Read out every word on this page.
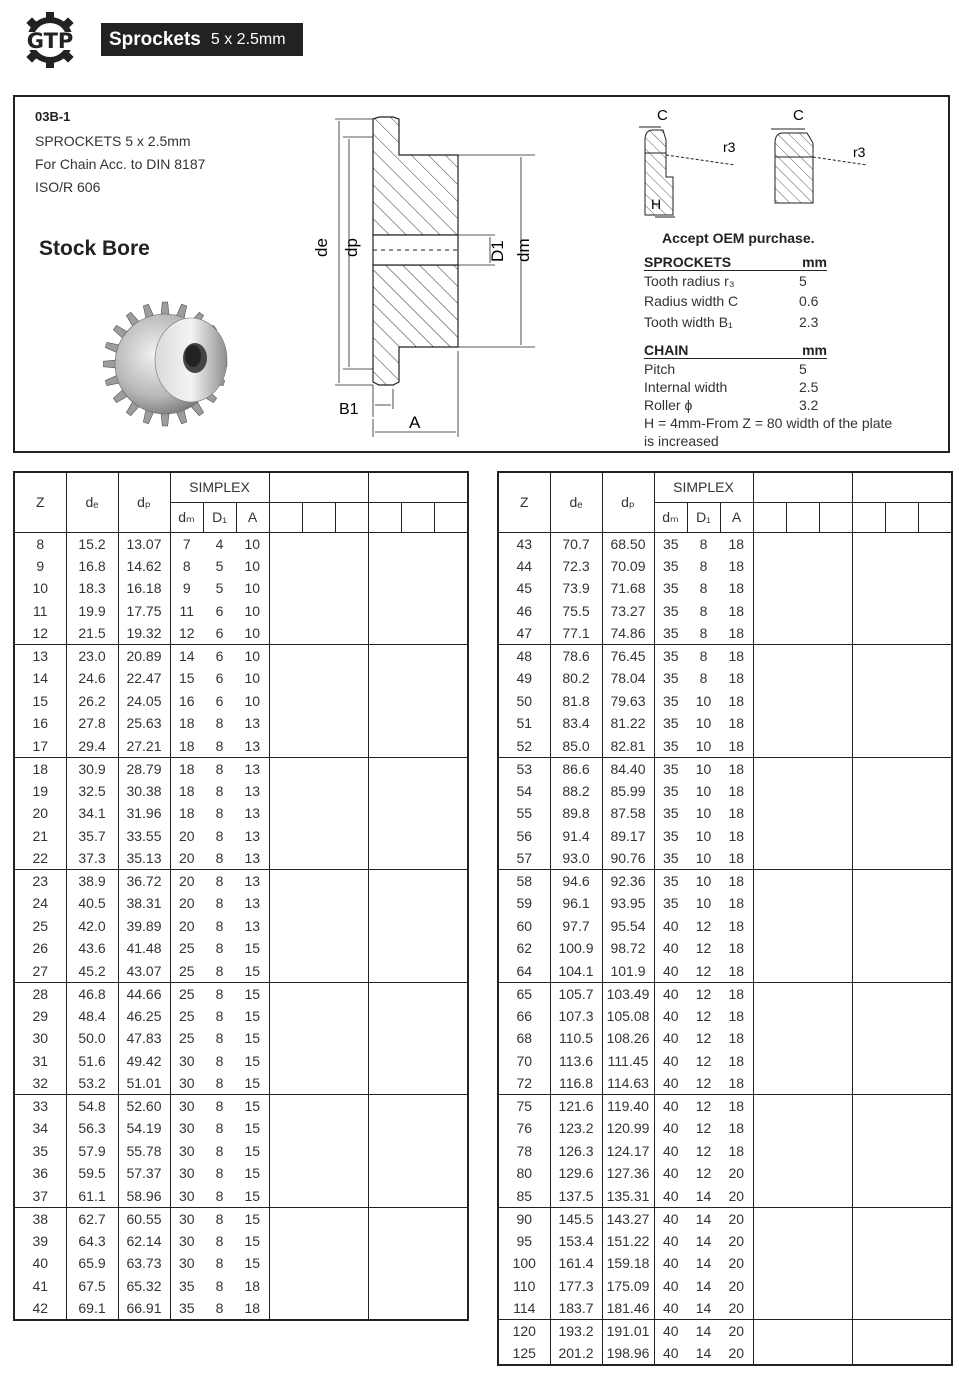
GTP Sprockets 5 x 2.5mm
03B-1
SPROCKETS 5 x 2.5mm
For Chain Acc. to DIN 8187
ISO/R 606
Stock Bore	de dp	D1 dm
B1
A
C
r3
H
C
r3
Accept OEM purchase.
SPROCKETS	mm
Tooth radius r₃	5
Radius width C	0.6
Tooth width B₁	2.3
CHAIN	mm
Pitch	5
Internal width	2.5
Roller ϕ	3.2
H = 4mm-From Z = 80 width of the plate is increased
Z	dₑ	dₚ	SIMPLEX								
			dₘ	D₁	A						
8	15.2	13.07	7	4	10						
9	16.8	14.62	8	5	10						
10	18.3	16.18	9	5	10						
11	19.9	17.75	11	6	10						
12	21.5	19.32	12	6	10						
13	23.0	20.89	14	6	10						
14	24.6	22.47	15	6	10						
15	26.2	24.05	16	6	10						
16	27.8	25.63	18	8	13						
17	29.4	27.21	18	8	13						
18	30.9	28.79	18	8	13						
19	32.5	30.38	18	8	13						
20	34.1	31.96	18	8	13						
21	35.7	33.55	20	8	13						
22	37.3	35.13	20	8	13						
23	38.9	36.72	20	8	13						
24	40.5	38.31	20	8	13						
25	42.0	39.89	20	8	13						
26	43.6	41.48	25	8	15						
27	45.2	43.07	25	8	15						
28	46.8	44.66	25	8	15						
29	48.4	46.25	25	8	15						
30	50.0	47.83	25	8	15						
31	51.6	49.42	30	8	15						
32	53.2	51.01	30	8	15						
33	54.8	52.60	30	8	15						
34	56.3	54.19	30	8	15						
35	57.9	55.78	30	8	15						
36	59.5	57.37	30	8	15						
37	61.1	58.96	30	8	15						
38	62.7	60.55	30	8	15						
39	64.3	62.14	30	8	15						
40	65.9	63.73	30	8	15						
41	67.5	65.32	35	8	18						
42	69.1	66.91	35	8	18						
Z	dₑ	dₚ	SIMPLEX								
			dₘ	D₁	A						
43	70.7	68.50	35	8	18						
44	72.3	70.09	35	8	18						
45	73.9	71.68	35	8	18						
46	75.5	73.27	35	8	18						
47	77.1	74.86	35	8	18						
48	78.6	76.45	35	8	18						
49	80.2	78.04	35	8	18						
50	81.8	79.63	35	10	18						
51	83.4	81.22	35	10	18						
52	85.0	82.81	35	10	18						
53	86.6	84.40	35	10	18						
54	88.2	85.99	35	10	18						
55	89.8	87.58	35	10	18						
56	91.4	89.17	35	10	18						
57	93.0	90.76	35	10	18						
58	94.6	92.36	35	10	18						
59	96.1	93.95	35	10	18						
60	97.7	95.54	40	12	18						
62	100.9	98.72	40	12	18						
64	104.1	101.9	40	12	18						
65	105.7	103.49	40	12	18						
66	107.3	105.08	40	12	18						
68	110.5	108.26	40	12	18						
70	113.6	111.45	40	12	18						
72	116.8	114.63	40	12	18						
75	121.6	119.40	40	12	18						
76	123.2	120.99	40	12	18						
78	126.3	124.17	40	12	18						
80	129.6	127.36	40	12	20						
85	137.5	135.31	40	14	20						
90	145.5	143.27	40	14	20						
95	153.4	151.22	40	14	20						
100	161.4	159.18	40	14	20						
110	177.3	175.09	40	14	20						
114	183.7	181.46	40	14	20						
120	193.2	191.01	40	14	20						
125	201.2	198.96	40	14	20						
